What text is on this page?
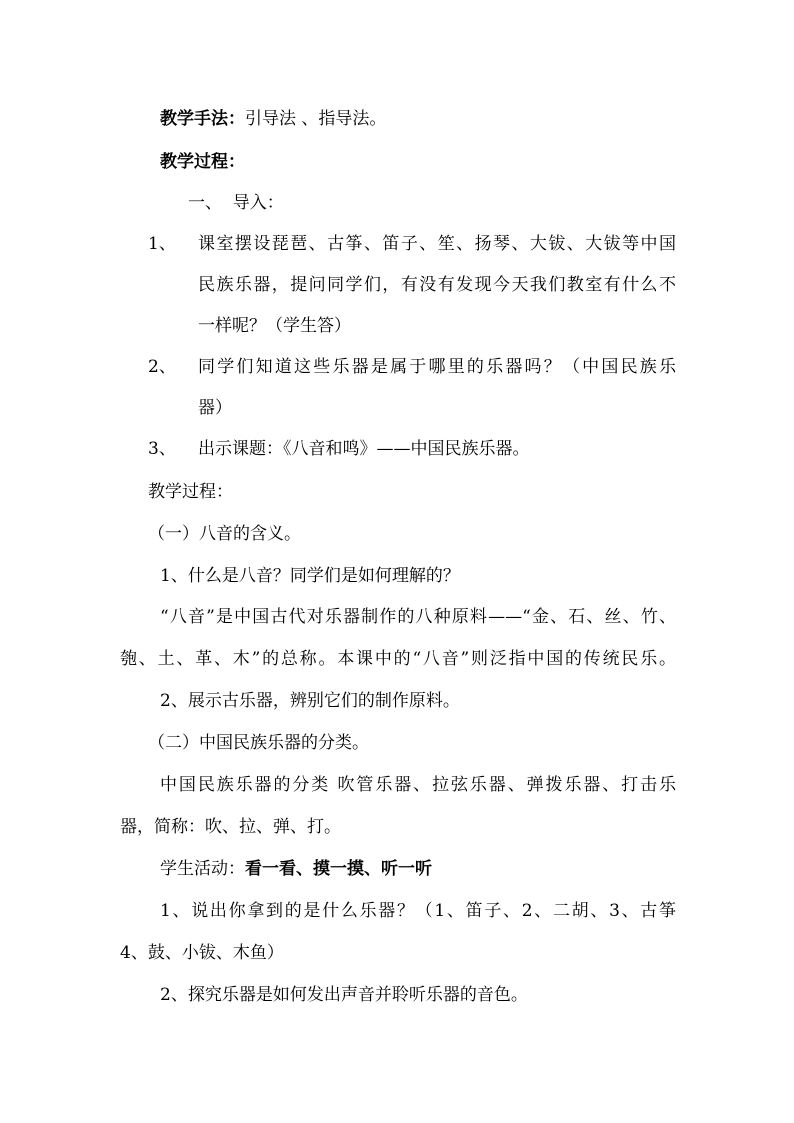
教学手法：引导法 、指导法。
教学过程：
一、  导入：
1、 课室摆设琵琶、古筝、笛子、笙、扬琴、大钹、大钹等中国
民族乐器，提问同学们，有没有发现今天我们教室有什么不
一样呢？（学生答）
2、 同学们知道这些乐器是属于哪里的乐器吗？（中国民族乐
器）
3、 出示课题：《八音和鸣》——中国民族乐器。
教学过程：
（一）八音的含义。
1、什么是八音？同学们是如何理解的？
“八音”是中国古代对乐器制作的八种原料——“金、石、丝、竹、
匏、土、革、木”的总称。本课中的“八音”则泛指中国的传统民乐。
2、展示古乐器，辨别它们的制作原料。
（二）中国民族乐器的分类。
中国民族乐器的分类 吹管乐器、拉弦乐器、弹拨乐器、打击乐
器，简称：吹、拉、弹、打。
学生活动：看一看、摸一摸、听一听
1、说出你拿到的是什么乐器？（1、笛子、2、二胡、3、古筝
4、鼓、小钹、木鱼）
2、探究乐器是如何发出声音并聆听乐器的音色。
